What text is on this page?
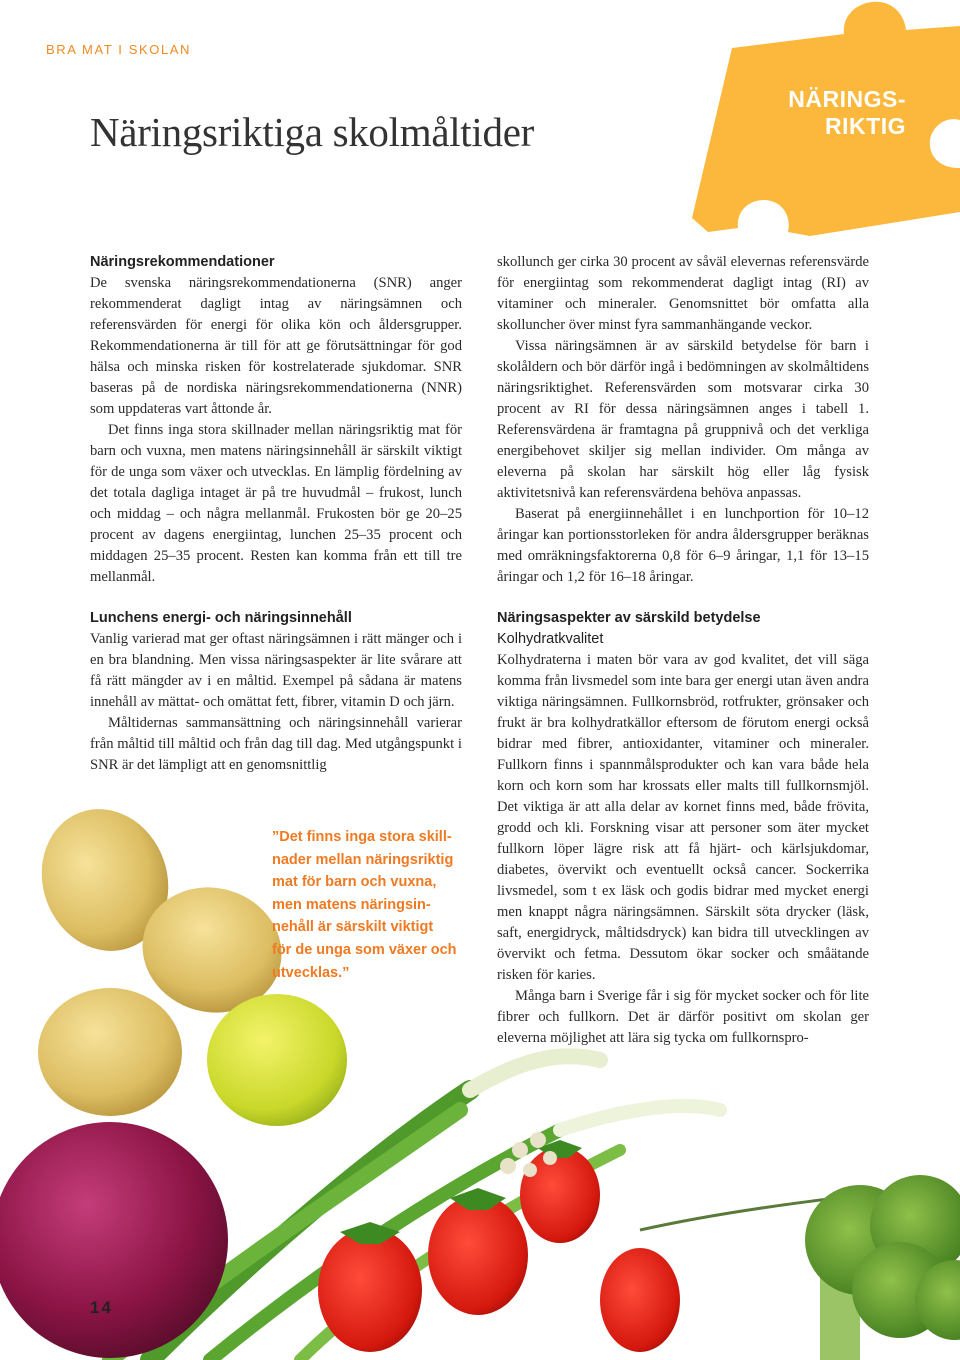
BRA MAT I SKOLAN
Näringsriktiga skolmåltider
NÄRINGS-
RIKTIG
Näringsrekommendationer

De svenska näringsrekommendationerna (SNR) anger rekommenderat dagligt intag av näringsämnen och referensvärden för energi för olika kön och åldersgrupper. Rekommendationerna är till för att ge förutsättningar för god hälsa och minska risken för kostrelaterade sjukdomar. SNR baseras på de nordiska näringsrekommendationerna (NNR) som uppdateras vart åttonde år.

Det finns inga stora skillnader mellan näringsriktig mat för barn och vuxna, men matens näringsinnehåll är särskilt viktigt för de unga som växer och utvecklas. En lämplig fördelning av det totala dagliga intaget är på tre huvudmål – frukost, lunch och middag – och några mellanmål. Frukosten bör ge 20–25 procent av dagens energiintag, lunchen 25–35 procent och middagen 25–35 procent. Resten kan komma från ett till tre mellanmål.

Lunchens energi- och näringsinnehåll

Vanlig varierad mat ger oftast näringsämnen i rätt mänger och i en bra blandning. Men vissa näringsaspekter är lite svårare att få rätt mängder av i en måltid. Exempel på sådana är matens innehåll av mättat- och omättat fett, fibrer, vitamin D och järn.

Måltidernas sammansättning och näringsinnehåll varierar från måltid till måltid och från dag till dag. Med utgångspunkt i SNR är det lämpligt att en genomsnittlig

skollunch ger cirka 30 procent av såväl elevernas referensvärde för energiintag som rekommenderat dagligt intag (RI) av vitaminer och mineraler. Genomsnittet bör omfatta alla skolluncher över minst fyra sammanhängande veckor.

Vissa näringsämnen är av särskild betydelse för barn i skolåldern och bör därför ingå i bedömningen av skolmåltidens näringsriktighet. Referensvärden som motsvarar cirka 30 procent av RI för dessa näringsämnen anges i tabell 1. Referensvärdena är framtagna på gruppnivå och det verkliga energibehovet skiljer sig mellan individer. Om många av eleverna på skolan har särskilt hög eller låg fysisk aktivitetsnivå kan referensvärdena behöva anpassas.

Baserat på energiinnehållet i en lunchportion för 10–12 åringar kan portionsstorleken för andra åldersgrupper beräknas med omräkningsfaktorerna 0,8 för 6–9 åringar, 1,1 för 13–15 åringar och 1,2 för 16–18 åringar.

Näringsaspekter av särskild betydelse
Kolhydratkvalitet

Kolhydraterna i maten bör vara av god kvalitet, det vill säga komma från livsmedel som inte bara ger energi utan även andra viktiga näringsämnen. Fullkornsbröd, rotfrukter, grönsaker och frukt är bra kolhydratkällor eftersom de förutom energi också bidrar med fibrer, antioxidanter, vitaminer och mineraler. Fullkorn finns i spannmålsprodukter och kan vara både hela korn och korn som har krossats eller malts till fullkornsmjöl. Det viktiga är att alla delar av kornet finns med, både frövita, grodd och kli. Forskning visar att personer som äter mycket fullkorn löper lägre risk att få hjärt- och kärlsjukdomar, diabetes, övervikt och eventuellt också cancer. Sockerrika livsmedel, som t ex läsk och godis bidrar med mycket energi men knappt några näringsämnen. Särskilt söta drycker (läsk, saft, energidryck, måltidsdryck) kan bidra till utvecklingen av övervikt och fetma. Dessutom ökar socker och småätande risken för karies.

Många barn i Sverige får i sig för mycket socker och för lite fibrer och fullkorn. Det är därför positivt om skolan ger eleverna möjlighet att lära sig tycka om fullkornspro-

”Det finns inga stora skill-
nader mellan näringsriktig
mat för barn och vuxna,
men matens näringsin-
nehåll är särskilt viktigt
för de unga som växer och
utvecklas.”
14
